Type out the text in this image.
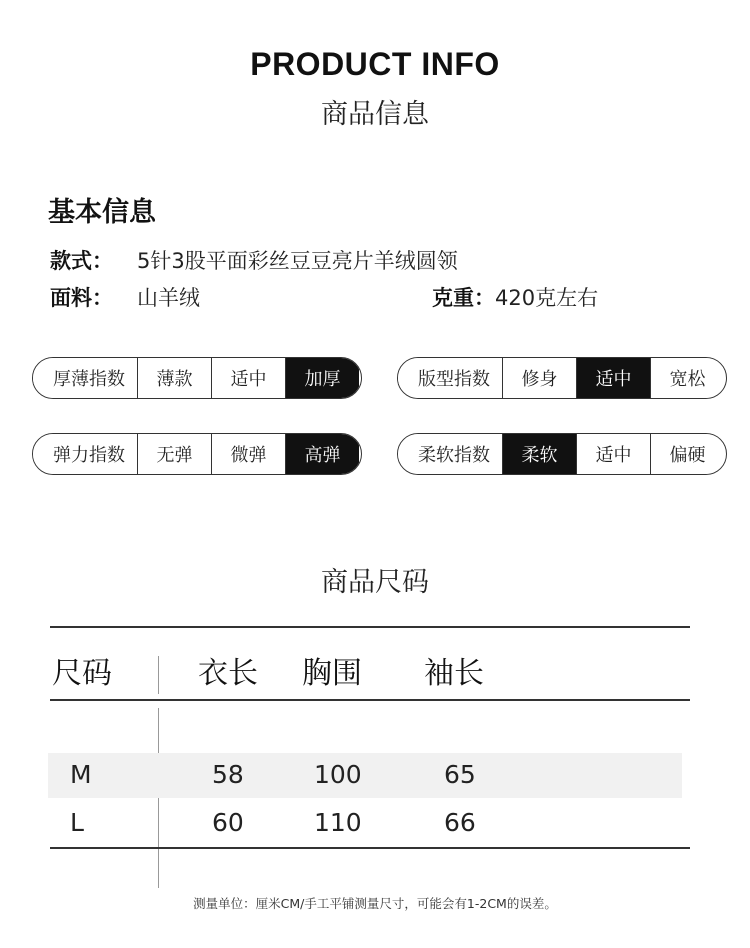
PRODUCT INFO
商品信息
基本信息
款式： 5针3股平面彩丝豆豆亮片羊绒圆领
面料： 山羊绒	克重：420克左右
厚薄指数	薄款	适中	加厚	版型指数	修身	适中	宽松
弹力指数	无弹	微弹	高弹	柔软指数	柔软	适中	偏硬
商品尺码
尺码	衣长 胸围 袖长
M	58	100	65
L	60	110	66
测量单位：厘米CM/手工平铺测量尺寸，可能会有1-2CM的误差。
